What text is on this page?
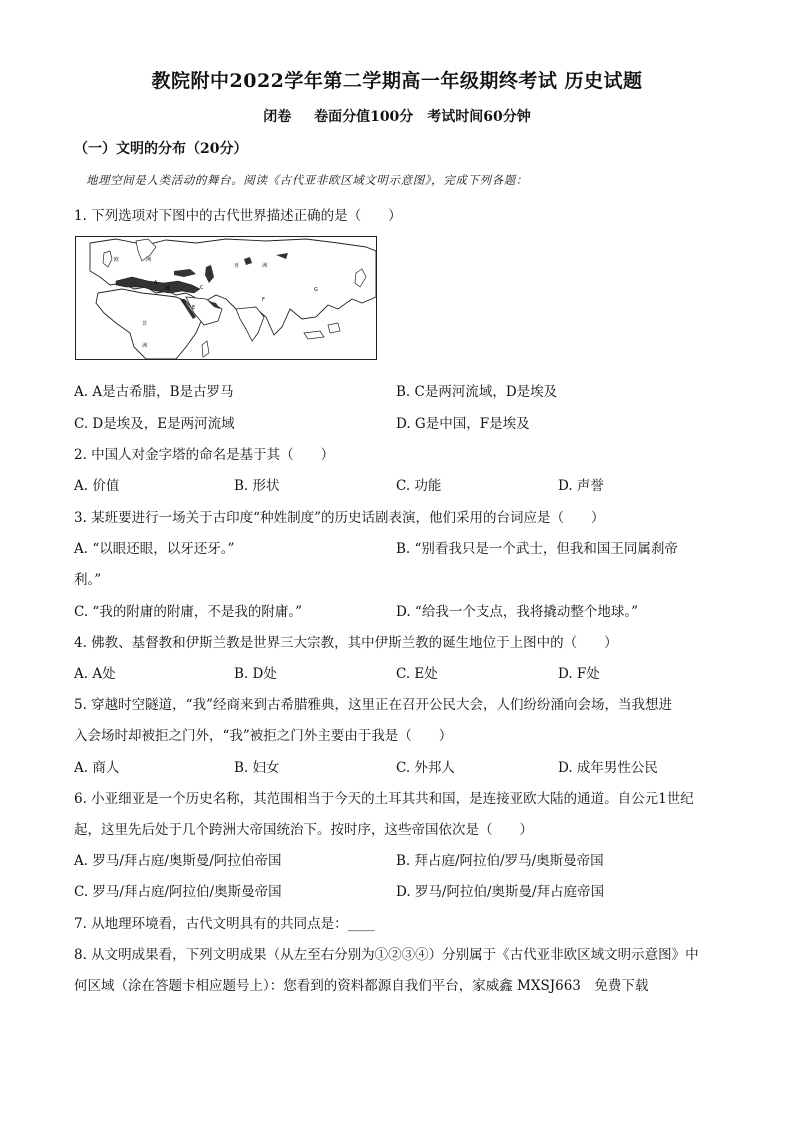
教院附中2022学年第二学期高一年级期终考试 历史试题
闭卷　 卷面分值100分　考试时间60分钟
（一）文明的分布（20分）
地理空间是人类活动的舞台。阅读《古代亚非欧区域文明示意图》，完成下列各题：
1. 下列选项对下图中的古代世界描述正确的是（　　）
欧	洲
亚	洲
非
洲
A
B	C
D
E
F
G
A. A是古希腊，B是古罗马	B. C是两河流域，D是埃及
C. D是埃及，E是两河流域	D. G是中国，F是埃及
2. 中国人对金字塔的命名是基于其（　　）
A. 价值	B. 形状	C. 功能	D. 声誉
3. 某班要进行一场关于古印度“种姓制度”的历史话剧表演，他们采用的台词应是（　　）
A. “以眼还眼，以牙还牙。”	B. “别看我只是一个武士，但我和国王同属刹帝
利。”
C. “我的附庸的附庸，不是我的附庸。”	D. “给我一个支点，我将撬动整个地球。”
4. 佛教、基督教和伊斯兰教是世界三大宗教，其中伊斯兰教的诞生地位于上图中的（　　）
A. A处	B. D处	C. E处	D. F处
5. 穿越时空隧道，“我”经商来到古希腊雅典，这里正在召开公民大会，人们纷纷涌向会场，当我想进
入会场时却被拒之门外，“我”被拒之门外主要由于我是（　　）
A. 商人	B. 妇女	C. 外邦人	D. 成年男性公民
6. 小亚细亚是一个历史名称，其范围相当于今天的土耳其共和国，是连接亚欧大陆的通道。自公元1世纪
起，这里先后处于几个跨洲大帝国统治下。按时序，这些帝国依次是（　　）
A. 罗马/拜占庭/奥斯曼/阿拉伯帝国	B. 拜占庭/阿拉伯/罗马/奥斯曼帝国
C. 罗马/拜占庭/阿拉伯/奥斯曼帝国	D. 罗马/阿拉伯/奥斯曼/拜占庭帝国
7. 从地理环境看，古代文明具有的共同点是：____
8. 从文明成果看，下列文明成果（从左至右分别为①②③④）分别属于《古代亚非欧区域文明示意图》中
何区域（涂在答题卡相应题号上）：您看到的资料都源自我们平台，家威鑫 MXSJ663　免费下载
